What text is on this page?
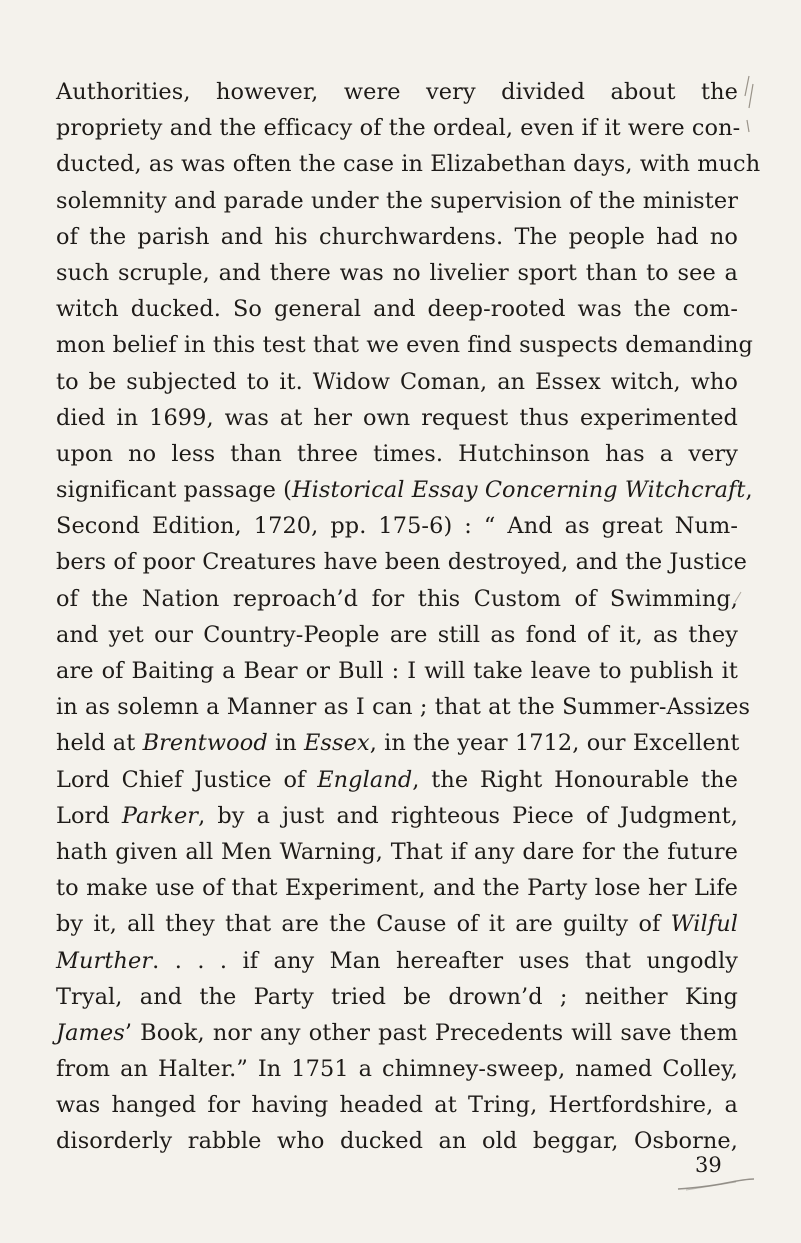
Authorities, however, were very divided about the
propriety and the efficacy of the ordeal, even if it were con-
ducted, as was often the case in Elizabethan days, with much
solemnity and parade under the supervision of the minister
of the parish and his churchwardens. The people had no
such scruple, and there was no livelier sport than to see a
witch ducked. So general and deep-rooted was the com-
mon belief in this test that we even find suspects demanding
to be subjected to it. Widow Coman, an Essex witch, who
died in 1699, was at her own request thus experimented
upon no less than three times. Hutchinson has a very
significant passage (Historical Essay Concerning Witchcraft,
Second Edition, 1720, pp. 175-6) : “ And as great Num-
bers of poor Creatures have been destroyed, and the Justice
of the Nation reproach’d for this Custom of Swimming,
and yet our Country-People are still as fond of it, as they
are of Baiting a Bear or Bull : I will take leave to publish it
in as solemn a Manner as I can ; that at the Summer-Assizes
held at Brentwood in Essex, in the year 1712, our Excellent
Lord Chief Justice of England, the Right Honourable the
Lord Parker, by a just and righteous Piece of Judgment,
hath given all Men Warning, That if any dare for the future
to make use of that Experiment, and the Party lose her Life
by it, all they that are the Cause of it are guilty of Wilful
Murther. . . . if any Man hereafter uses that ungodly
Tryal, and the Party tried be drown’d ; neither King
James’ Book, nor any other past Precedents will save them
from an Halter.” In 1751 a chimney-sweep, named Colley,
was hanged for having headed at Tring, Hertfordshire, a
disorderly rabble who ducked an old beggar, Osborne,
39
